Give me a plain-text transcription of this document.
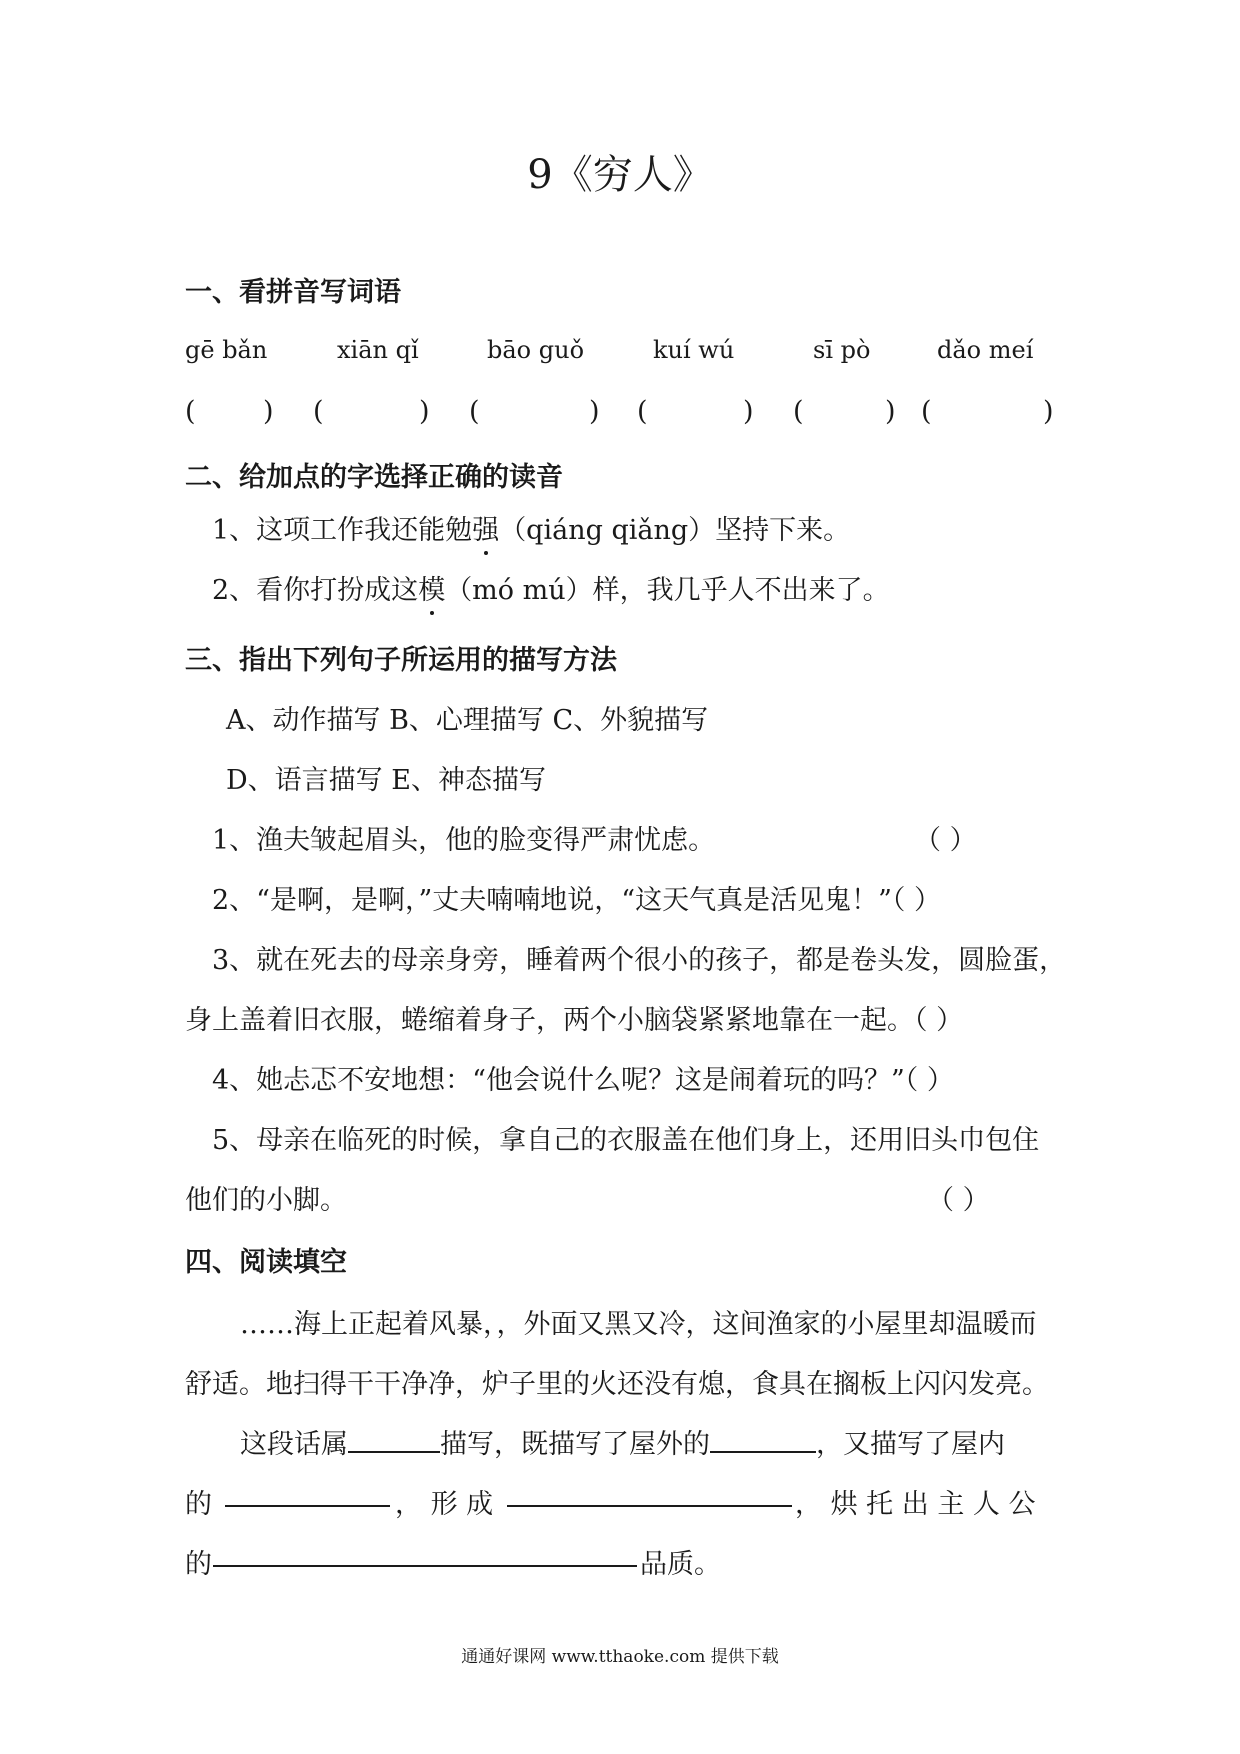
9《穷人》
一、看拼音写词语
gē bǎn	xiān qǐ	bāo guǒ	kuí wú	sī pò	dǎo meí
( ) (	) (	) (	) (	) (	)
二、给加点的字选择正确的读音
1、这项工作我还能勉强（qiáng qiǎng）坚持下来。
2、看你打扮成这模（mó mú）样，我几乎人不出来了。
三、指出下列句子所运用的描写方法
A、动作描写 B、心理描写 C、外貌描写
D、语言描写 E、神态描写
1、渔夫皱起眉头，他的脸变得严肃忧虑。	（ ）
2、“是啊，是啊，”丈夫喃喃地说，“这天气真是活见鬼！”（ ）
3、就在死去的母亲身旁，睡着两个很小的孩子，都是卷头发，圆脸蛋，
身上盖着旧衣服，蜷缩着身子，两个小脑袋紧紧地靠在一起。（ ）
4、她忐忑不安地想：“他会说什么呢？这是闹着玩的吗？”（ ）
5、母亲在临死的时候，拿自己的衣服盖在他们身上，还用旧头巾包住
他们的小脚。	（ ）
四、阅读填空
……海上正起着风暴，，外面又黑又冷，这间渔家的小屋里却温暖而
舒适。地扫得干干净净，炉子里的火还没有熄，食具在搁板上闪闪发亮。
这段话属	描写，既描写了屋外的	，又描写了屋内
的	， 形 成	， 烘 托 出 主 人 公
的	品质。
通通好课网 www.tthaoke.com 提供下载
